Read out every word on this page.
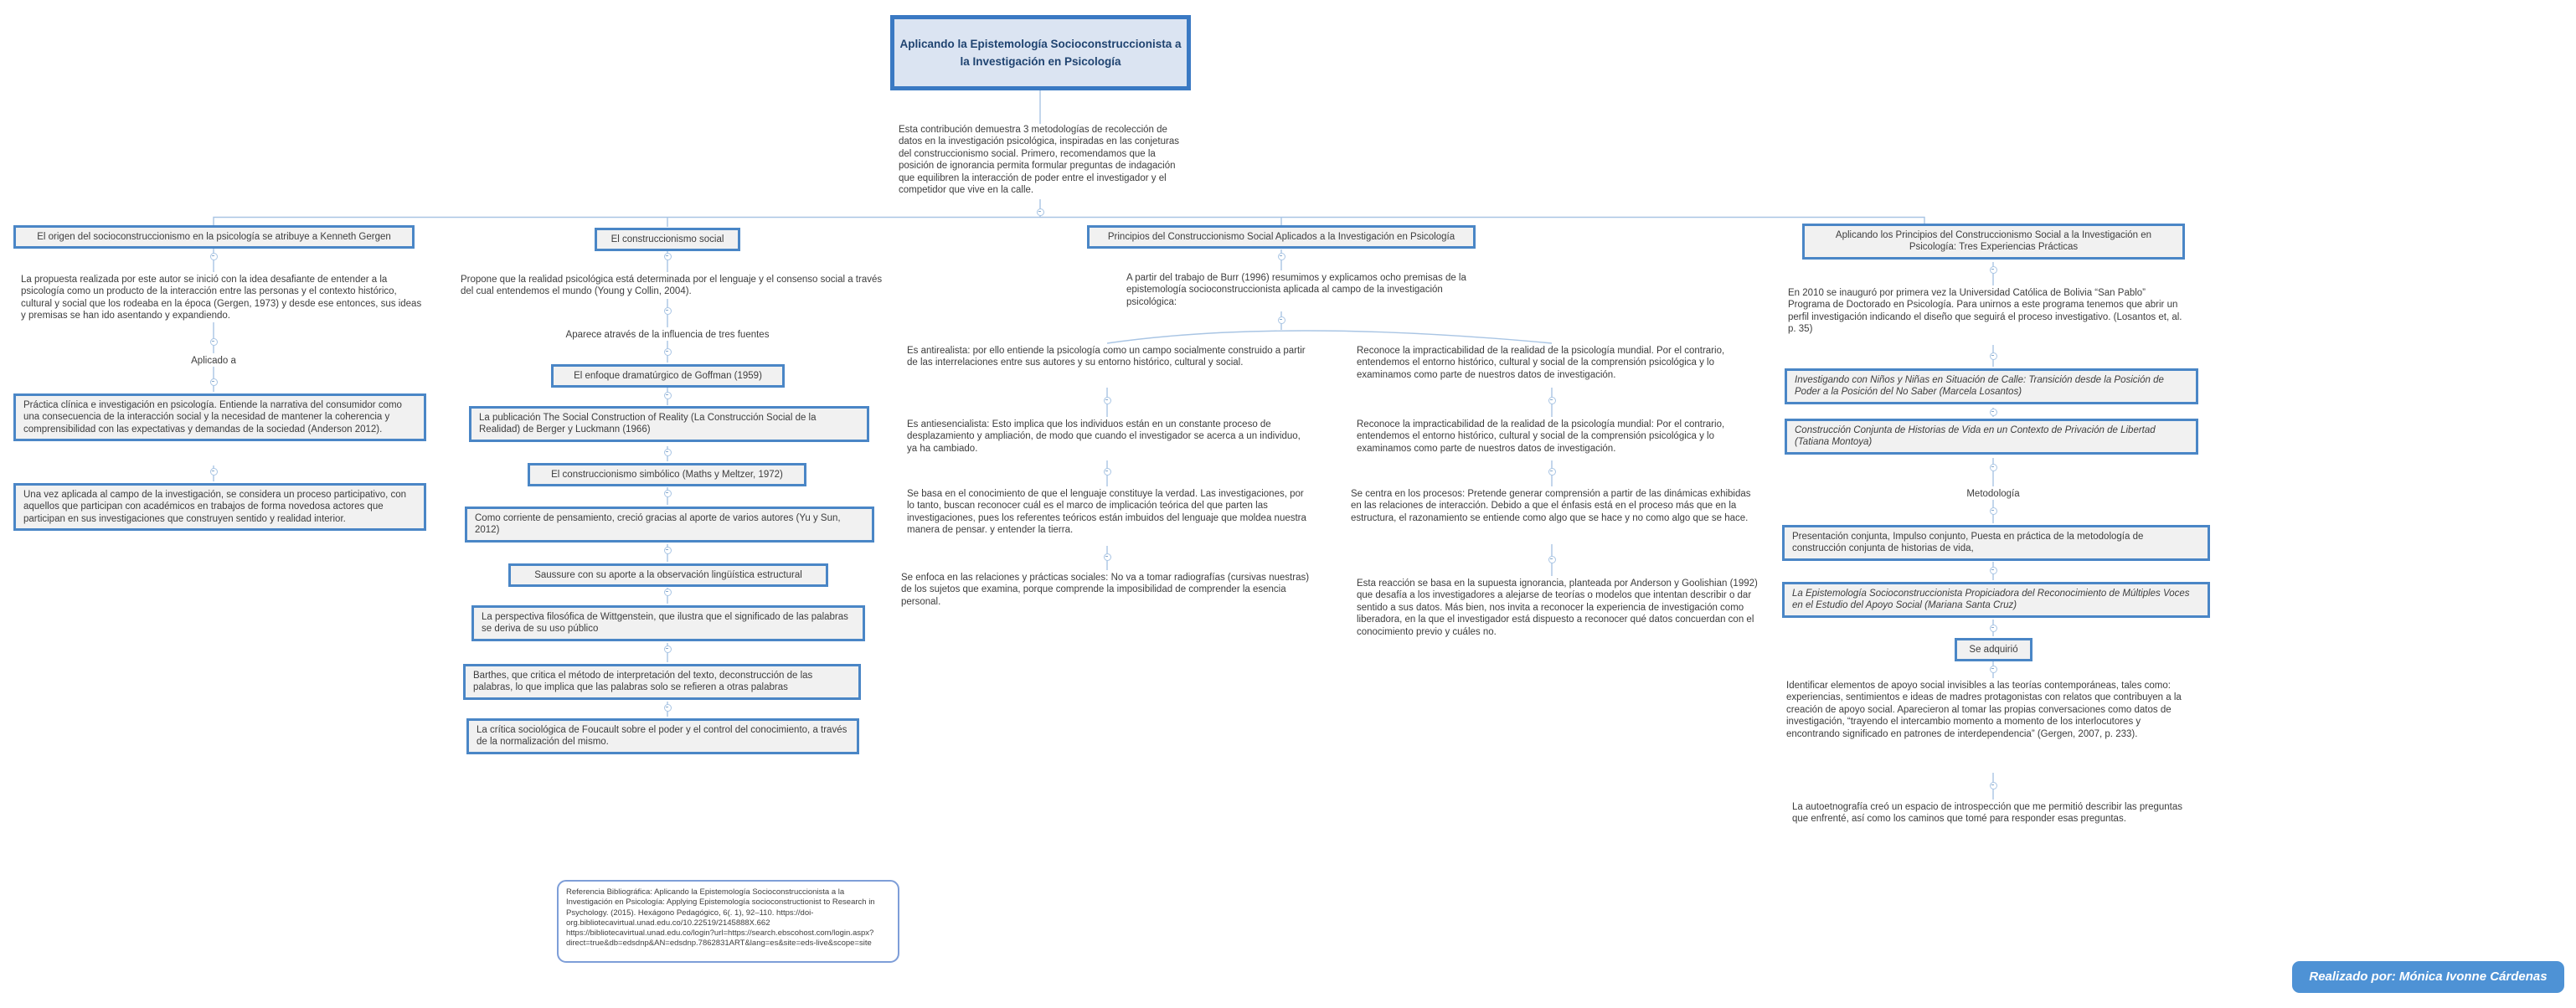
Aplicando la Epistemología Socioconstruccionista a la Investigación en Psicología
Esta contribución demuestra 3 metodologías de recolección de datos en la investigación psicológica, inspiradas en las conjeturas del construccionismo social. Primero, recomendamos que la posición de ignorancia permita formular preguntas de indagación que equilibren la interacción de poder entre el investigador y el competidor que vive en la calle.
El origen del socioconstruccionismo en la psicología se atribuye a Kenneth Gergen
La propuesta realizada por este autor se inició con la idea desafiante de entender a la psicología como un producto de la interacción entre las personas y el contexto histórico, cultural y social que los rodeaba en la época (Gergen, 1973) y desde ese entonces, sus ideas y premisas se han ido asentando y expandiendo.
Aplicado a
Práctica clínica e investigación en psicología. Entiende la narrativa del consumidor como una consecuencia de la interacción social y la necesidad de mantener la coherencia y comprensibilidad con las expectativas y demandas de la sociedad (Anderson 2012).
Una vez aplicada al campo de la investigación, se considera un proceso participativo, con aquellos que participan con académicos en trabajos de forma novedosa actores que participan en sus investigaciones que construyen sentido y realidad interior.
El construccionismo social
Propone que la realidad psicológica está determinada por el lenguaje y el consenso social a través del cual entendemos el mundo (Young y Collin, 2004).
Aparece através de la influencia de tres fuentes
El enfoque dramatúrgico de Goffman (1959)
La publicación The Social Construction of Reality (La Construcción Social de la Realidad) de Berger y Luckmann (1966)
El construccionismo simbólico (Maths y Meltzer, 1972)
Como corriente de pensamiento, creció gracias al aporte de varios autores (Yu y Sun, 2012)
Saussure con su aporte a la observación lingüística estructural
La perspectiva filosófica de Wittgenstein, que ilustra que el significado de las palabras se deriva de su uso público
Barthes, que critica el método de interpretación del texto, deconstrucción de las palabras, lo que implica que las palabras solo se refieren a otras palabras
La crítica sociológica de Foucault sobre el poder y el control del conocimiento, a través de la normalización del mismo.
Principios del Construccionismo Social Aplicados a la Investigación en Psicología
A partir del trabajo de Burr (1996) resumimos y explicamos ocho premisas de la epistemología socioconstruccionista aplicada al campo de la investigación psicológica:
Es antirealista: por ello entiende la psicología como un campo socialmente construido a partir de las interrelaciones entre sus autores y su entorno histórico, cultural y social.
Es antiesencialista: Esto implica que los individuos están en un constante proceso de desplazamiento y ampliación, de modo que cuando el investigador se acerca a un individuo, ya ha cambiado.
Se basa en el conocimiento de que el lenguaje constituye la verdad. Las investigaciones, por lo tanto, buscan reconocer cuál es el marco de implicación teórica del que parten las investigaciones, pues los referentes teóricos están imbuidos del lenguaje que moldea nuestra manera de pensar. y entender la tierra.
Se enfoca en las relaciones y prácticas sociales: No va a tomar radiografías (cursivas nuestras) de los sujetos que examina, porque comprende la imposibilidad de comprender la esencia personal.
Reconoce la impracticabilidad de la realidad de la psicología mundial. Por el contrario, entendemos el entorno histórico, cultural y social de la comprensión psicológica y lo examinamos como parte de nuestros datos de investigación.
Reconoce la impracticabilidad de la realidad de la psicología mundial: Por el contrario, entendemos el entorno histórico, cultural y social de la comprensión psicológica y lo examinamos como parte de nuestros datos de investigación.
Se centra en los procesos: Pretende generar comprensión a partir de las dinámicas exhibidas en las relaciones de interacción. Debido a que el énfasis está en el proceso más que en la estructura, el razonamiento se entiende como algo que se hace y no como algo que se hace.
Esta reacción se basa en la supuesta ignorancia, planteada por Anderson y Goolishian (1992) que desafía a los investigadores a alejarse de teorías o modelos que intentan describir o dar sentido a sus datos. Más bien, nos invita a reconocer la experiencia de investigación como liberadora, en la que el investigador está dispuesto a reconocer qué datos concuerdan con el conocimiento previo y cuáles no.
Aplicando los Principios del Construccionismo Social a la Investigación en Psicología: Tres Experiencias Prácticas
En 2010 se inauguró por primera vez la Universidad Católica de Bolivia “San Pablo” Programa de Doctorado en Psicología. Para unirnos a este programa tenemos que abrir un perfil investigación indicando el diseño que seguirá el proceso investigativo. (Losantos et, al. p. 35)
Investigando con Niños y Niñas en Situación de Calle: Transición desde la Posición de Poder a la Posición del No Saber (Marcela Losantos)
Construcción Conjunta de Historias de Vida en un Contexto de Privación de Libertad (Tatiana Montoya)
Metodología
Presentación conjunta, Impulso conjunto, Puesta en práctica de la metodología de construcción conjunta de historias de vida,
La Epistemología Socioconstruccionista Propiciadora del Reconocimiento de Múltiples Voces en el Estudio del Apoyo Social (Mariana Santa Cruz)
Se adquirió
Identificar elementos de apoyo social invisibles a las teorías contemporáneas, tales como: experiencias, sentimientos e ideas de madres protagonistas con relatos que contribuyen a la creación de apoyo social. Aparecieron al tomar las propias conversaciones como datos de investigación, “trayendo el intercambio momento a momento de los interlocutores y encontrando significado en patrones de interdependencia” (Gergen, 2007, p. 233).
La autoetnografía creó un espacio de introspección que me permitió describir las preguntas que enfrenté, así como los caminos que tomé para responder esas preguntas.
Referencia Bibliográfica: Aplicando la Epistemología Socioconstruccionista a la Investigación en Psicología: Applying Epistemología socioconstructionist to Research in Psychology. (2015). Hexágono Pedagógico, 6(. 1), 92–110. https://doi-org.bibliotecavirtual.unad.edu.co/10.22519/2145888X.662 https://bibliotecavirtual.unad.edu.co/login?url=https://search.ebscohost.com/login.aspx?direct=true&db=edsdnp&AN=edsdnp.7862831ART&lang=es&site=eds-live&scope=site
Realizado por: Mónica Ivonne Cárdenas
